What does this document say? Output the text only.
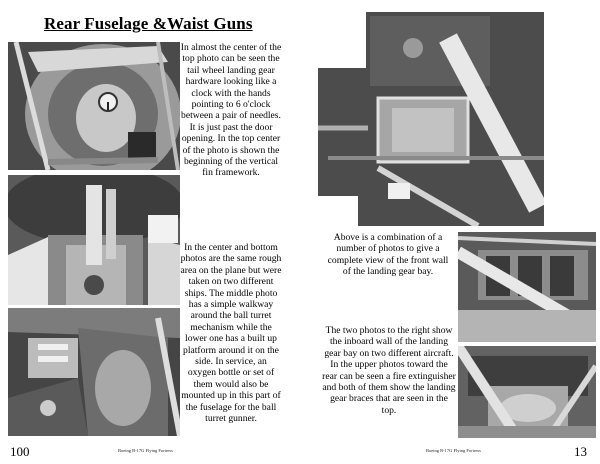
Rear Fuselage &Waist Guns

In almost the center of the top photo can be seen the tail wheel landing gear hardware looking like a clock with the hands pointing to 6 o'clock between a pair of needles. It is just past the door opening. In the top center of the photo is shown the beginning of the vertical fin framework.

In the center and bottom photos are the same rough area on the plane but were taken on two different ships. The middle photo has a simple walkway around the ball turret mechanism while the lower one has a built up platform around it on the side. In service, an oxygen bottle or set of them would also be mounted up in this part of the fuselage for the ball turret gunner.

100	Boeing B-17G Flying Fortress

Above is a combination of a number of photos to give a complete view of the front wall of the landing gear bay.

The two photos to the right show the inboard wall of the landing gear bay on two different aircraft. In the upper photos toward the rear can be seen a fire extinguisher and both of them show the landing gear braces that are seen in the top.

Boeing B-17G Flying Fortress	13
